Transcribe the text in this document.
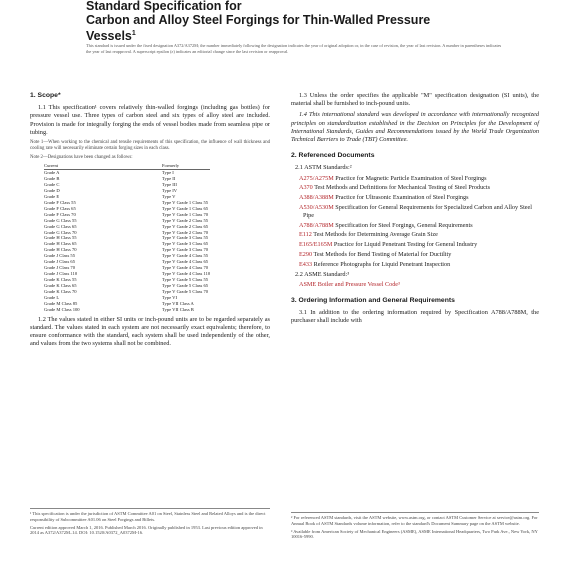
Standard Specification for
Carbon and Alloy Steel Forgings for Thin-Walled Pressure
Vessels$^1$
This standard is issued under the fixed designation A372/A372M; the number immediately following the designation indicates the year of original adoption or, in the case of revision, the year of last revision. A number in parentheses indicates the year of last reapproval. A superscript epsilon (ε) indicates an editorial change since the last revision or reapproval.
1. Scope*

1.1 This specification¹ covers relatively thin-walled forgings (including gas bottles) for pressure vessel use. Three types of carbon steel and six types of alloy steel are included. Provision is made for integrally forging the ends of vessel bodies made from seamless pipe or tubing.

Note 1—When working to the chemical and tensile requirements of this specification, the influence of wall thickness and cooling rate will necessarily eliminate certain forging sizes in each class.

Note 2—Designations have been changed as follows:

Current	Formerly
Grade A	Type I
Grade B	Type II
Grade C	Type III
Grade D	Type IV
Grade E	Type V
Grade F Class 55	Type V Grade 1 Class 55
Grade F Class 65	Type V Grade 1 Class 65
Grade F Class 70	Type V Grade 1 Class 70
Grade G Class 55	Type V Grade 2 Class 55
Grade G Class 65	Type V Grade 2 Class 65
Grade G Class 70	Type V Grade 2 Class 70
Grade H Class 55	Type V Grade 3 Class 55
Grade H Class 65	Type V Grade 3 Class 65
Grade H Class 70	Type V Grade 3 Class 70
Grade J Class 55	Type V Grade 4 Class 55
Grade J Class 65	Type V Grade 4 Class 65
Grade J Class 70	Type V Grade 4 Class 70
Grade J Class 110	Type V Grade 4 Class 110
Grade K Class 55	Type V Grade 5 Class 55
Grade K Class 65	Type V Grade 5 Class 65
Grade K Class 70	Type V Grade 5 Class 70
Grade L	Type VI
Grade M Class 85	Type VII Class A
Grade M Class 100	Type VII Class B

1.2 The values stated in either SI units or inch-pound units are to be regarded separately as standard. The values stated in each system are not necessarily exact equivalents; therefore, to ensure conformance with the standard, each system shall be used independently of the other, and values from the two systems shall not be combined.

1.3 Unless the order specifies the applicable "M" specification designation (SI units), the material shall be furnished to inch-pound units.

1.4 This international standard was developed in accordance with internationally recognized principles on standardization established in the Decision on Principles for the Development of International Standards, Guides and Recommendations issued by the World Trade Organization Technical Barriers to Trade (TBT) Committee.

2. Referenced Documents
2.1 ASTM Standards:²
A275/A275M Practice for Magnetic Particle Examination of Steel Forgings
A370 Test Methods and Definitions for Mechanical Testing of Steel Products
A388/A388M Practice for Ultrasonic Examination of Steel Forgings
A530/A530M Specification for General Requirements for Specialized Carbon and Alloy Steel Pipe
A788/A788M Specification for Steel Forgings, General Requirements
E112 Test Methods for Determining Average Grain Size
E165/E165M Practice for Liquid Penetrant Testing for General Industry
E290 Test Methods for Bend Testing of Material for Ductility
E433 Reference Photographs for Liquid Penetrant Inspection
2.2 ASME Standard:³
ASME Boiler and Pressure Vessel Code³
3. Ordering Information and General Requirements

3.1 In addition to the ordering information required by Specification A788/A788M, the purchaser shall include with

¹ This specification is under the jurisdiction of ASTM Committee A01 on Steel, Stainless Steel and Related Alloys and is the direct responsibility of Subcommittee A01.06 on Steel Forgings and Billets.
Current edition approved March 1, 2016. Published March 2016. Originally published in 1953. Last previous edition approved in 2014 as A372/A372M–14. DOI: 10.1520/A0372_A0372M-16.
² For referenced ASTM standards, visit the ASTM website, www.astm.org, or contact ASTM Customer Service at service@astm.org. For Annual Book of ASTM Standards volume information, refer to the standard's Document Summary page on the ASTM website.
³ Available from American Society of Mechanical Engineers (ASME), ASME International Headquarters, Two Park Ave., New York, NY 10016-5990.
